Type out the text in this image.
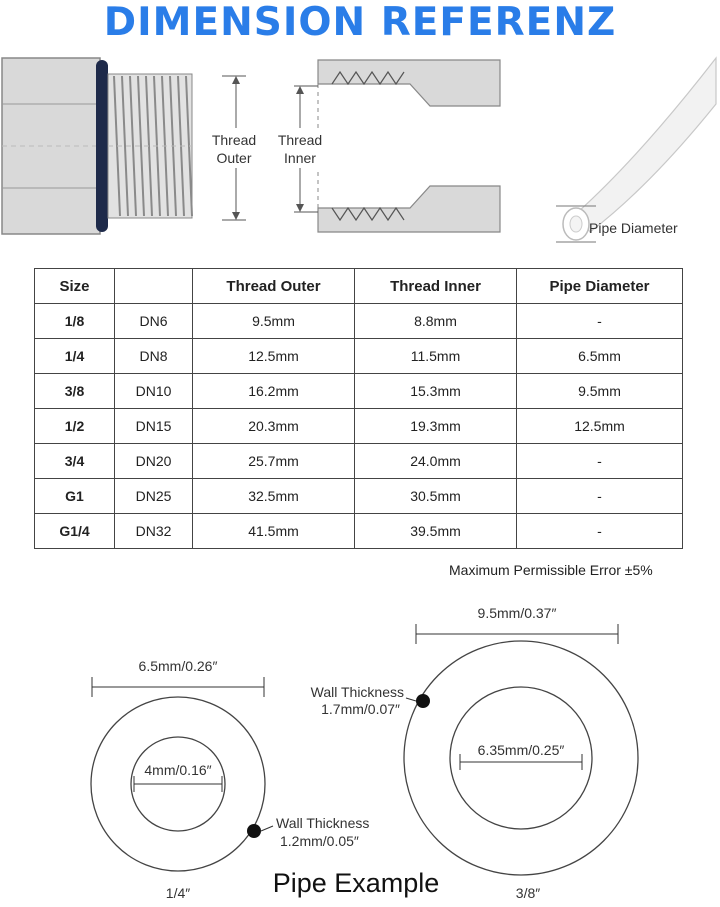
DIMENSION REFERENZ
Thread
Outer
Thread
Inner
Pipe Diameter
Size		Thread Outer	Thread Inner	Pipe Diameter
1/8	DN6	9.5mm	8.8mm	-
1/4	DN8	12.5mm	11.5mm	6.5mm
3/8	DN10	16.2mm	15.3mm	9.5mm
1/2	DN15	20.3mm	19.3mm	12.5mm
3/4	DN20	25.7mm	24.0mm	-
G1	DN25	32.5mm	30.5mm	-
G1/4	DN32	41.5mm	39.5mm	-
Maximum Permissible Error ±5%
6.5mm/0.26″
4mm/0.16″
Wall Thickness
1.2mm/0.05″
1/4″
9.5mm/0.37″
6.35mm/0.25″
Wall Thickness
1.7mm/0.07″
3/8″
Pipe Example
